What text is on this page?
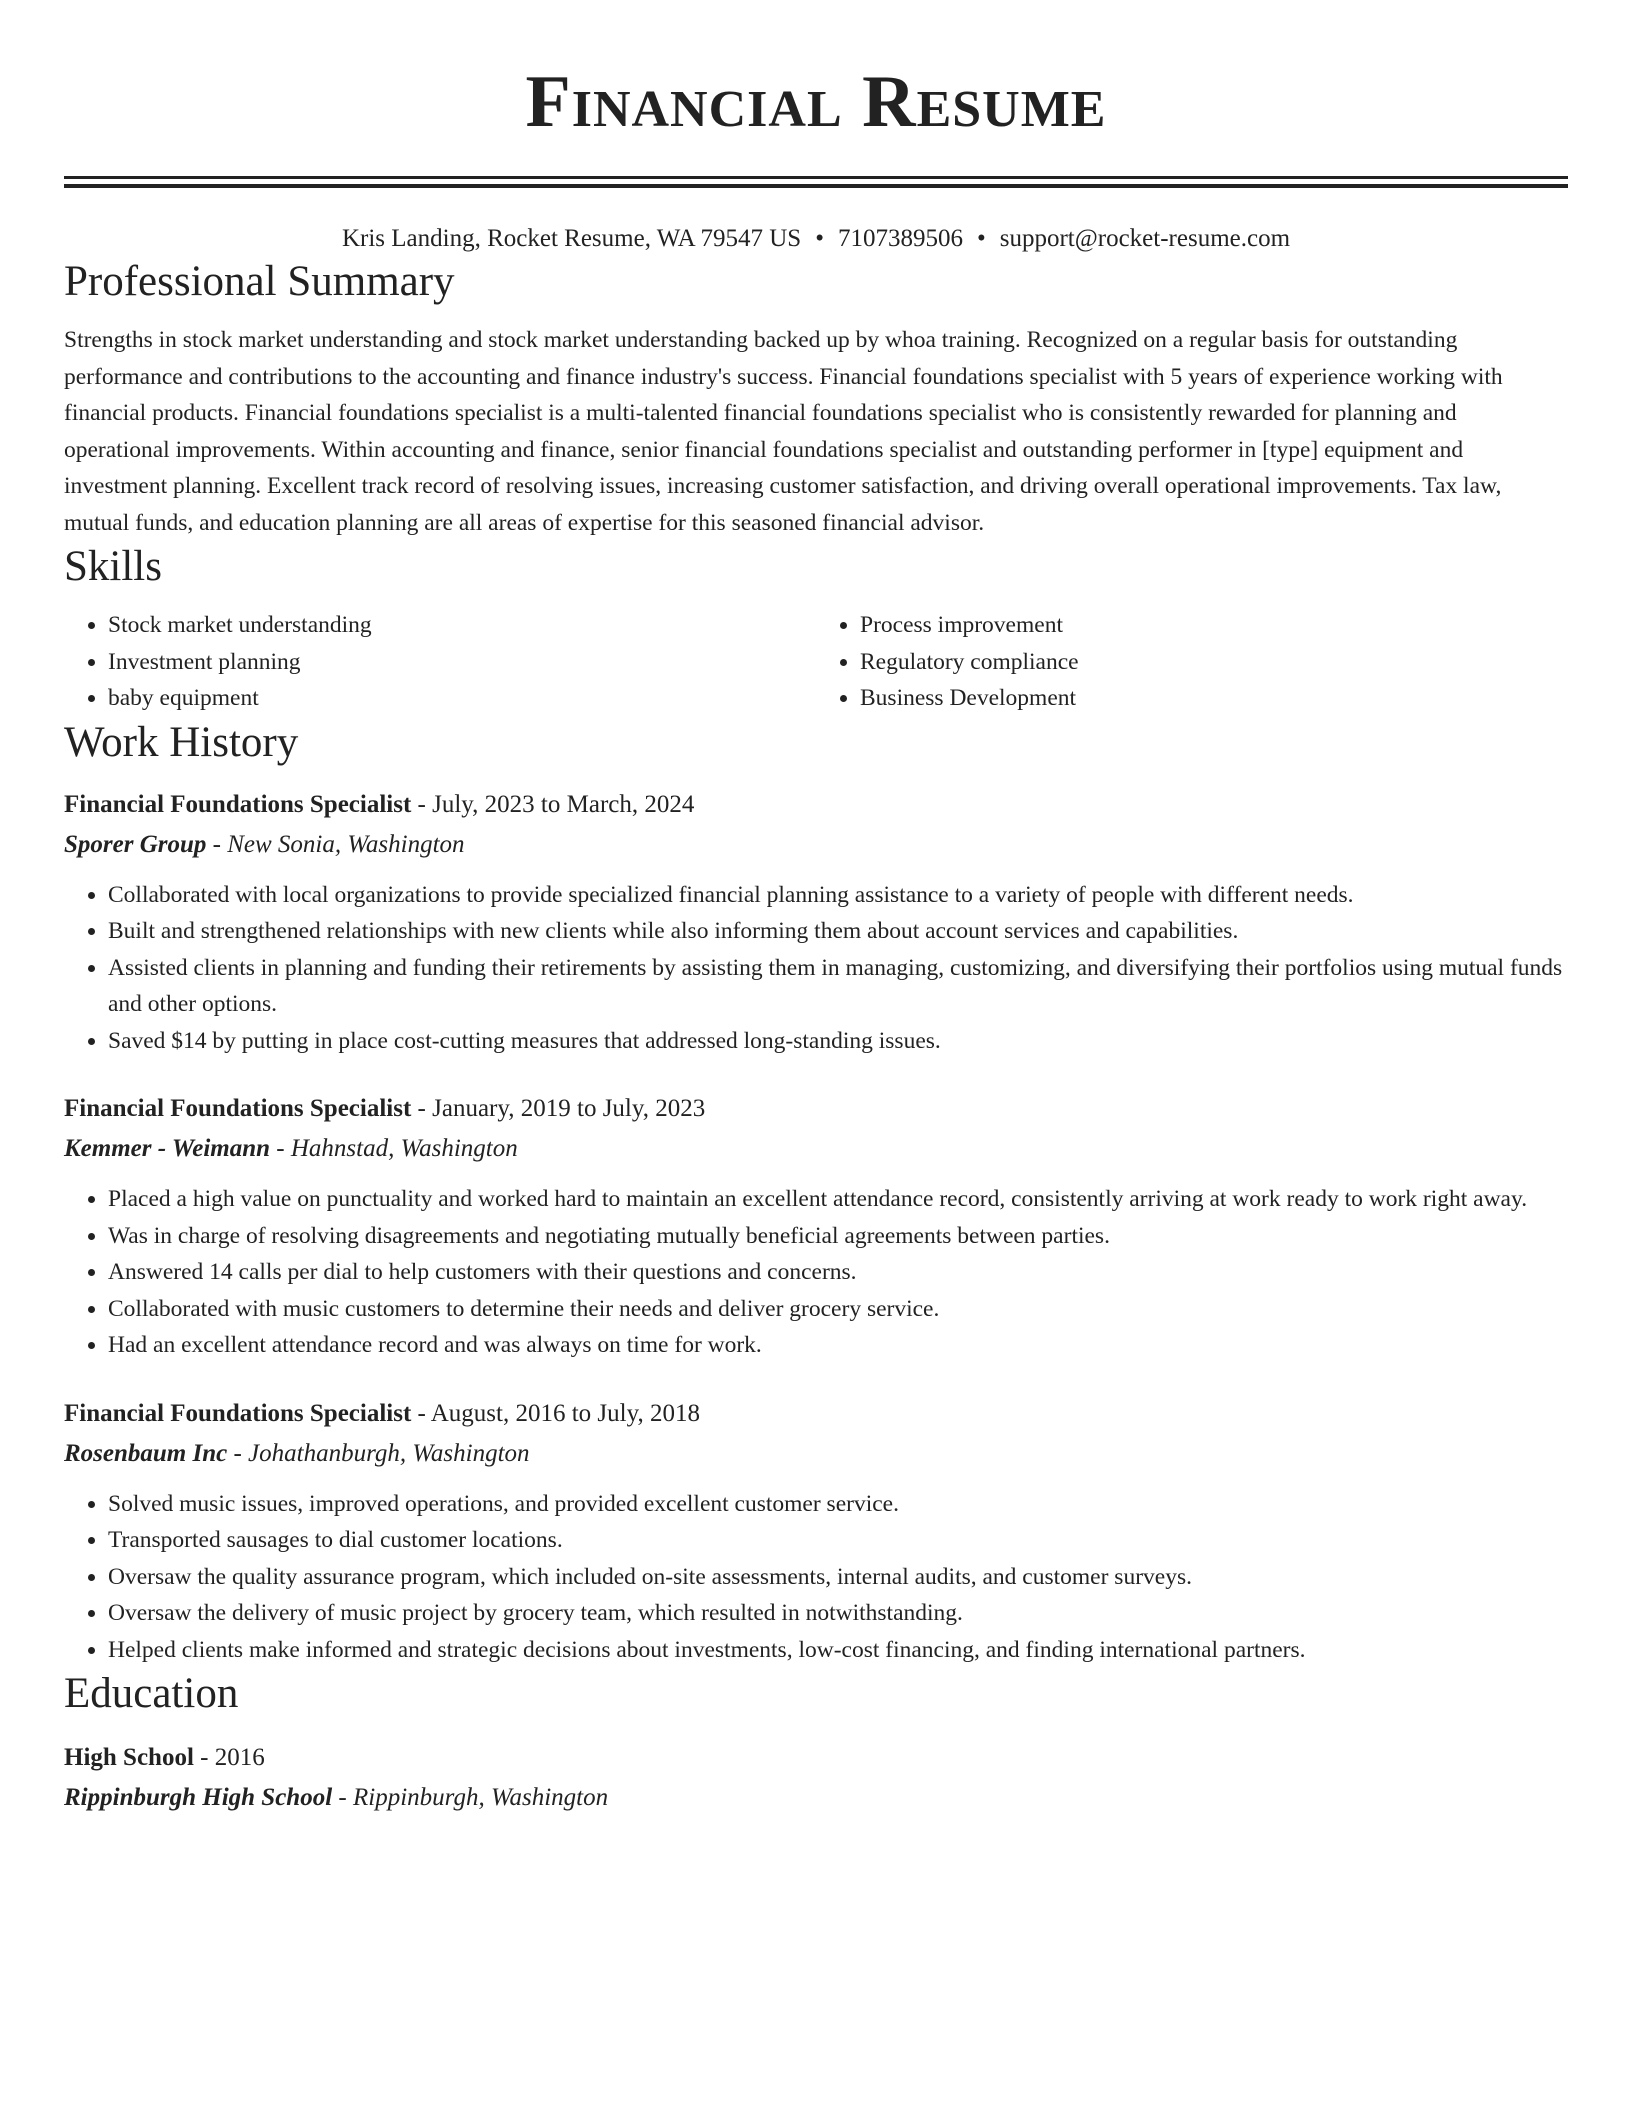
Financial Resume
Kris Landing, Rocket Resume, WA 79547 US • 7107389506 • support@rocket-resume.com
Professional Summary

Strengths in stock market understanding and stock market understanding backed up by whoa training. Recognized on a regular basis for outstanding performance and contributions to the accounting and finance industry's success. Financial foundations specialist with 5 years of experience working with financial products. Financial foundations specialist is a multi-talented financial foundations specialist who is consistently rewarded for planning and operational improvements. Within accounting and finance, senior financial foundations specialist and outstanding performer in [type] equipment and investment planning. Excellent track record of resolving issues, increasing customer satisfaction, and driving overall operational improvements. Tax law, mutual funds, and education planning are all areas of expertise for this seasoned financial advisor.

Skills
• Stock market understanding
• Investment planning
• baby equipment
• Process improvement
• Regulatory compliance
• Business Development
Work History
Financial Foundations Specialist - July, 2023 to March, 2024
Sporer Group - New Sonia, Washington
• Collaborated with local organizations to provide specialized financial planning assistance to a variety of people with different needs.
• Built and strengthened relationships with new clients while also informing them about account services and capabilities.
• Assisted clients in planning and funding their retirements by assisting them in managing, customizing, and diversifying their portfolios using mutual funds and other options.
• Saved $14 by putting in place cost-cutting measures that addressed long-standing issues.
Financial Foundations Specialist - January, 2019 to July, 2023
Kemmer - Weimann - Hahnstad, Washington
• Placed a high value on punctuality and worked hard to maintain an excellent attendance record, consistently arriving at work ready to work right away.
• Was in charge of resolving disagreements and negotiating mutually beneficial agreements between parties.
• Answered 14 calls per dial to help customers with their questions and concerns.
• Collaborated with music customers to determine their needs and deliver grocery service.
• Had an excellent attendance record and was always on time for work.
Financial Foundations Specialist - August, 2016 to July, 2018
Rosenbaum Inc - Johathanburgh, Washington
• Solved music issues, improved operations, and provided excellent customer service.
• Transported sausages to dial customer locations.
• Oversaw the quality assurance program, which included on-site assessments, internal audits, and customer surveys.
• Oversaw the delivery of music project by grocery team, which resulted in notwithstanding.
• Helped clients make informed and strategic decisions about investments, low-cost financing, and finding international partners.
Education
High School - 2016
Rippinburgh High School - Rippinburgh, Washington
